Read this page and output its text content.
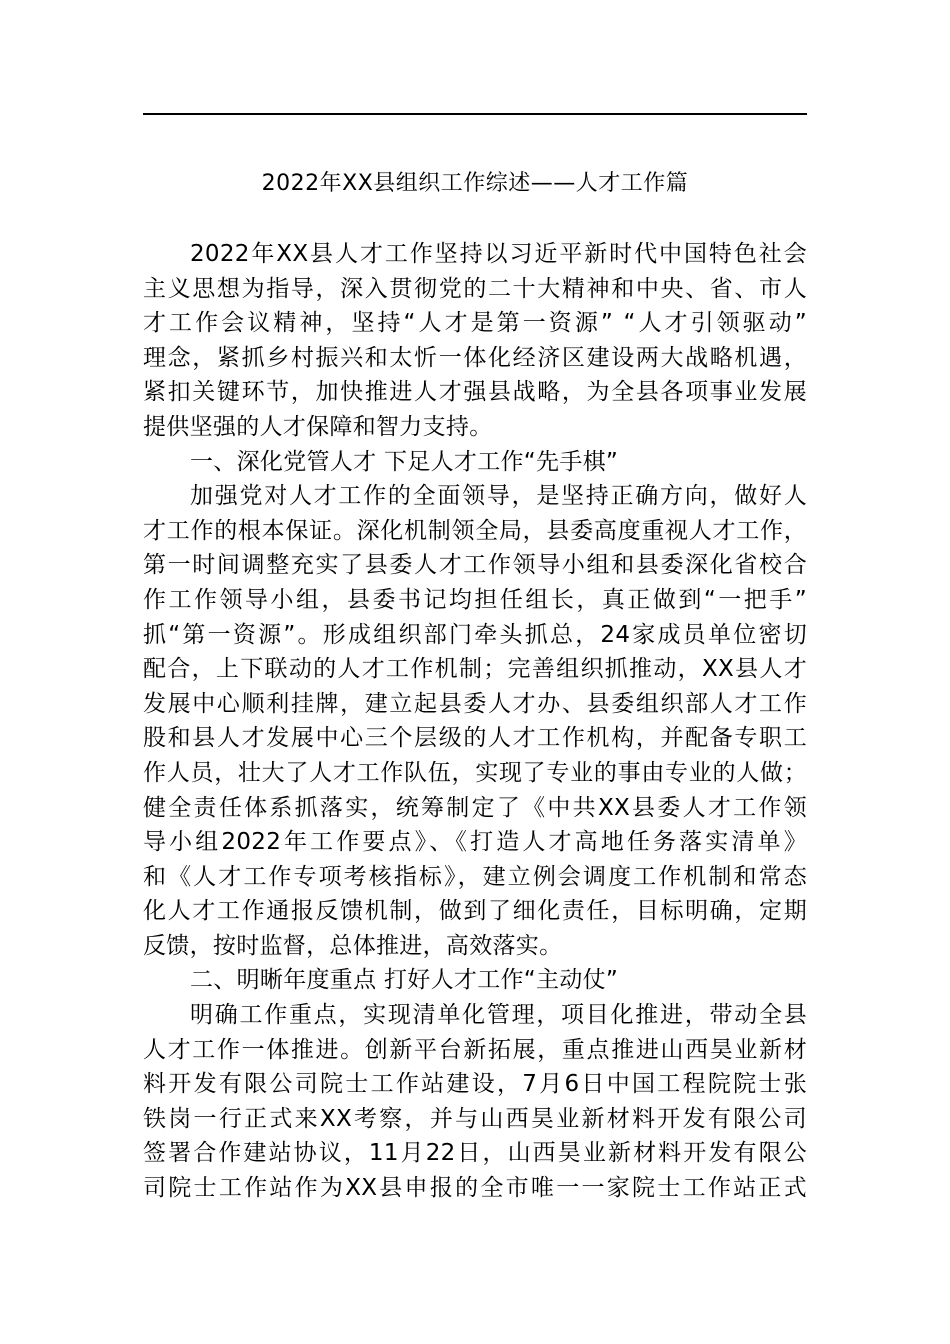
2022年XX县组织工作综述——人才工作篇
2022年XX县人才工作坚持以习近平新时代中国特色社会
主义思想为指导，深入贯彻党的二十大精神和中央、省、市人
才工作会议精神，坚持“人才是第一资源” “人才引领驱动”
理念，紧抓乡村振兴和太忻一体化经济区建设两大战略机遇，
紧扣关键环节，加快推进人才强县战略，为全县各项事业发展
提供坚强的人才保障和智力支持。
一、深化党管人才 下足人才工作“先手棋”
加强党对人才工作的全面领导，是坚持正确方向，做好人
才工作的根本保证。深化机制领全局，县委高度重视人才工作，
第一时间调整充实了县委人才工作领导小组和县委深化省校合
作工作领导小组，县委书记均担任组长，真正做到“一把手”
抓“第一资源”。形成组织部门牵头抓总，24家成员单位密切
配合，上下联动的人才工作机制；完善组织抓推动，XX县人才
发展中心顺利挂牌，建立起县委人才办、县委组织部人才工作
股和县人才发展中心三个层级的人才工作机构，并配备专职工
作人员，壮大了人才工作队伍，实现了专业的事由专业的人做；
健全责任体系抓落实，统筹制定了《中共XX县委人才工作领
导小组2022年工作要点》、《打造人才高地任务落实清单》
和《人才工作专项考核指标》，建立例会调度工作机制和常态
化人才工作通报反馈机制，做到了细化责任，目标明确，定期
反馈，按时监督，总体推进，高效落实。
二、明晰年度重点 打好人才工作“主动仗”
明确工作重点，实现清单化管理，项目化推进，带动全县
人才工作一体推进。创新平台新拓展，重点推进山西昊业新材
料开发有限公司院士工作站建设，7月6日中国工程院院士张
铁岗一行正式来XX考察，并与山西昊业新材料开发有限公司
签署合作建站协议，11月22日，山西昊业新材料开发有限公
司院士工作站作为XX县申报的全市唯一一家院士工作站正式
